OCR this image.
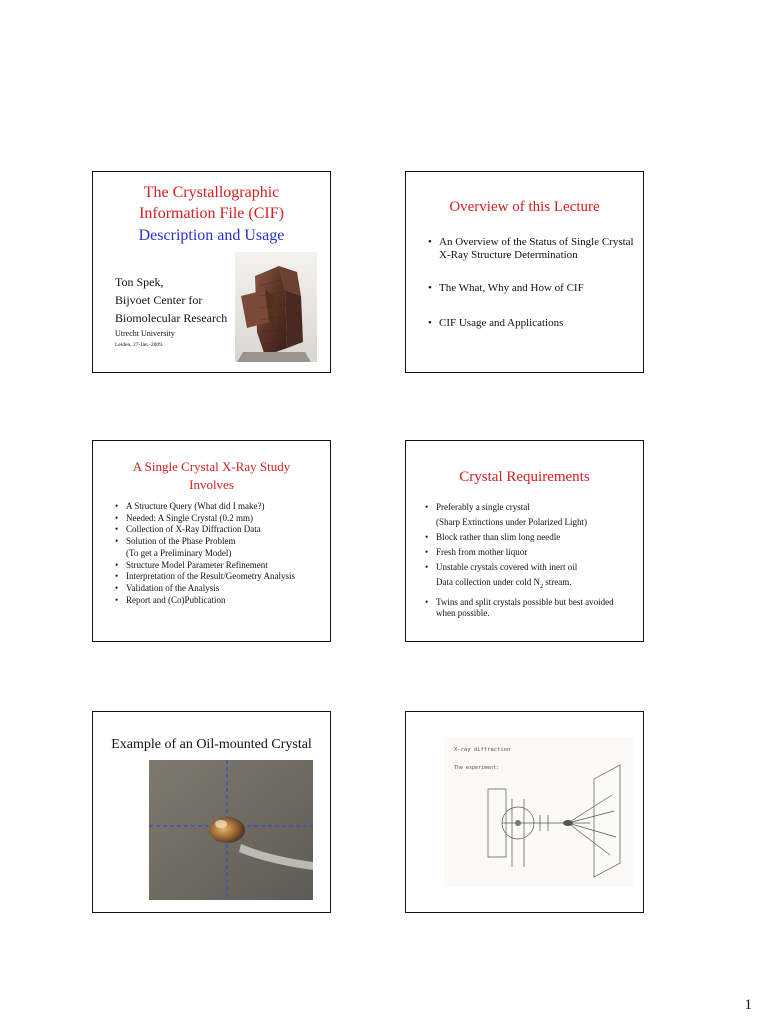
The Crystallographic
Information File (CIF)
Description and Usage
Ton Spek,
Bijvoet Center for
Biomolecular Research
Utrecht University
Leiden, 27-Jan.-2009.
Overview of this Lecture
• An Overview of the Status of Single Crystal
X-Ray Structure Determination
• The What, Why and How of CIF
• CIF Usage and Applications
A Single Crystal X-Ray Study
Involves
• A Structure Query (What did I make?)
• Needed: A Single Crystal (0.2 mm)
• Collection of X-Ray Diffraction Data
• Solution of the Phase Problem
(To get a Preliminary Model)
• Structure Model Parameter Refinement
• Interpretation of the Result/Geometry Analysis
• Validation of the Analysis
• Report and (Co)Publication
Crystal Requirements
• Preferably a single crystal
(Sharp Extinctions under Polarized Light)
• Block rather than slim long needle
• Fresh from mother liquor
• Unstable crystals covered with inert oil
Data collection under cold $N_2$ stream.
• Twins and split crystals possible but best avoided
when possible.
Example of an Oil-mounted Crystal	X-ray diffraction
The experiment:
1
